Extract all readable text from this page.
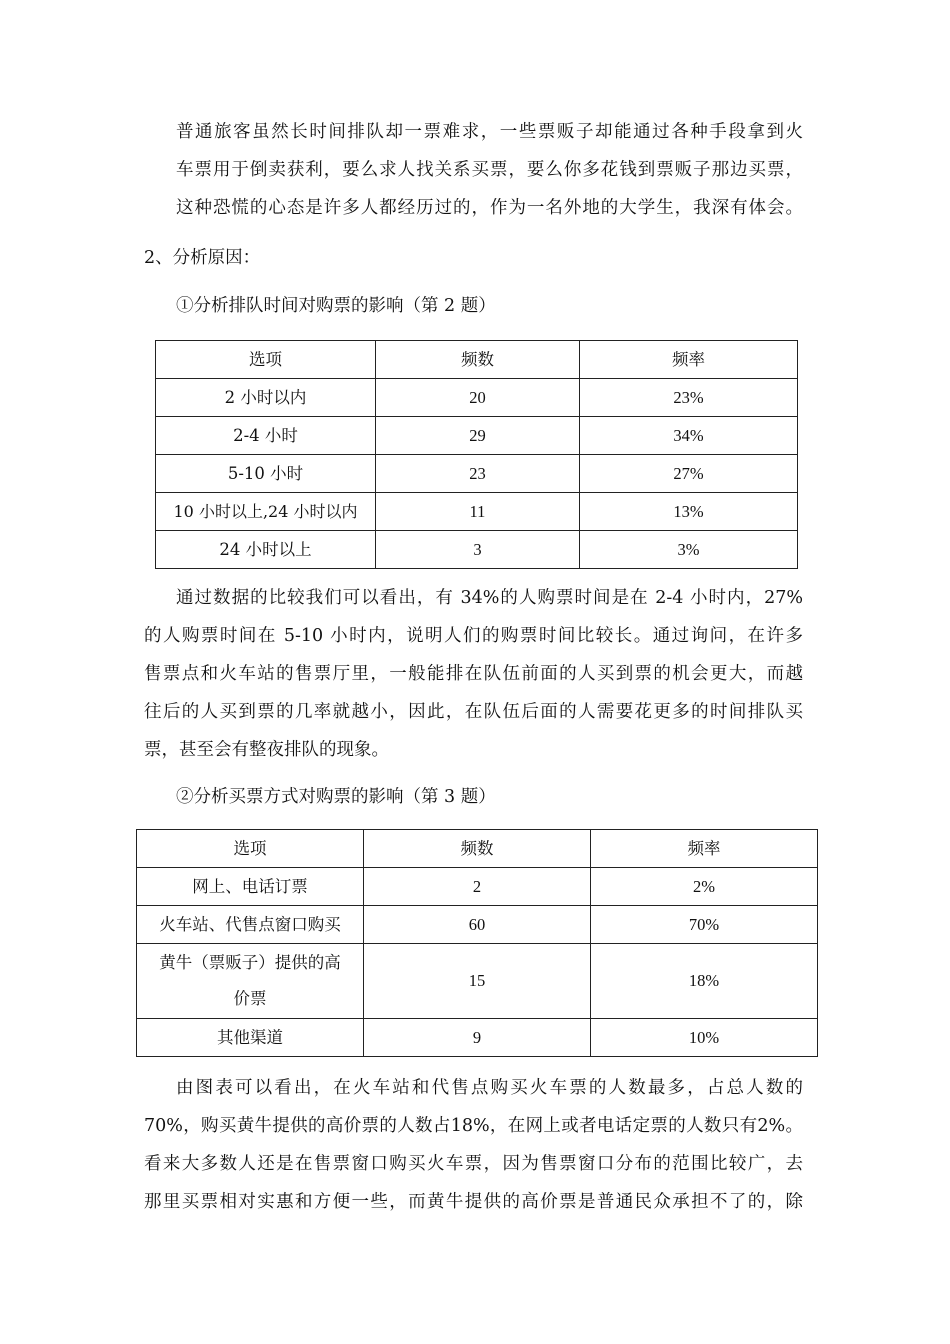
普通旅客虽然长时间排队却一票难求，一些票贩子却能通过各种手段拿到火
车票用于倒卖获利，要么求人找关系买票，要么你多花钱到票贩子那边买票，
这种恐慌的心态是许多人都经历过的，作为一名外地的大学生，我深有体会。
2、分析原因：
①分析排队时间对购票的影响（第 2 题）
选项	频数	频率
2 小时以内	20	23%
2-4 小时	29	34%
5-10 小时	23	27%
10 小时以上,24 小时以内	11	13%
24 小时以上	3	3%
通过数据的比较我们可以看出，有 34%的人购票时间是在 2-4 小时内，27%
的人购票时间在 5-10 小时内，说明人们的购票时间比较长。通过询问，在许多
售票点和火车站的售票厅里，一般能排在队伍前面的人买到票的机会更大，而越
往后的人买到票的几率就越小，因此，在队伍后面的人需要花更多的时间排队买
票，甚至会有整夜排队的现象。
②分析买票方式对购票的影响（第 3 题）
选项	频数	频率
网上、电话订票	2	2%
火车站、代售点窗口购买	60	70%

黄牛（票贩子）提供的高
价票	15	18%
其他渠道	9	10%
由图表可以看出，在火车站和代售点购买火车票的人数最多，占总人数的
70%，购买黄牛提供的高价票的人数占18%，在网上或者电话定票的人数只有2%。
看来大多数人还是在售票窗口购买火车票，因为售票窗口分布的范围比较广，去
那里买票相对实惠和方便一些，而黄牛提供的高价票是普通民众承担不了的，除
